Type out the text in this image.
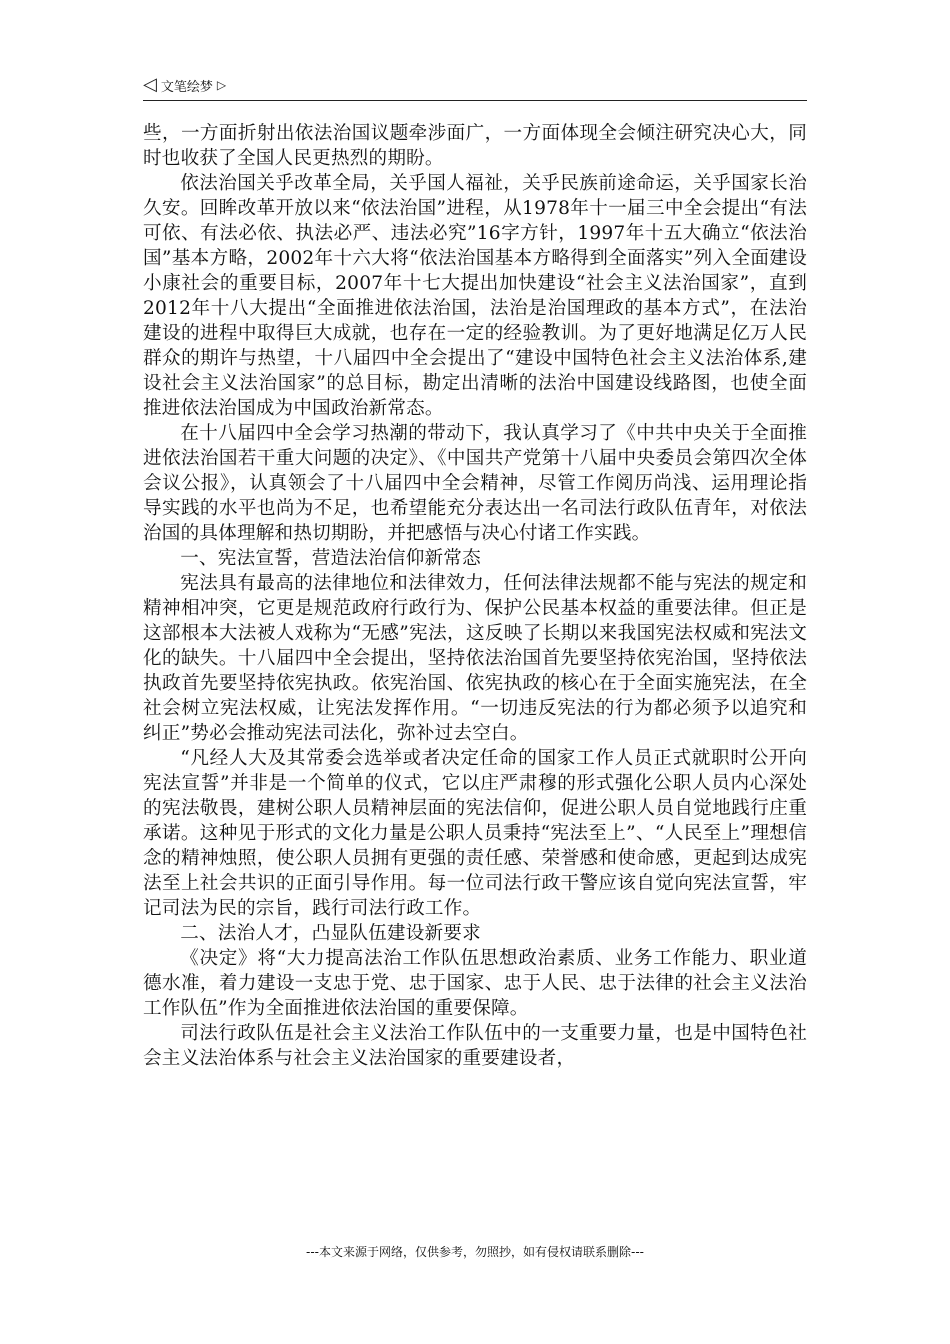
◁ 文笔绘梦 ▷

些，一方面折射出依法治国议题牵涉面广，一方面体现全会倾注研究决心大，同时也收获了全国人民更热烈的期盼。

依法治国关乎改革全局，关乎国人福祉，关乎民族前途命运，关乎国家长治久安。回眸改革开放以来“依法治国”进程，从1978年十一届三中全会提出“有法可依、有法必依、执法必严、违法必究”16字方针，1997年十五大确立“依法治国”基本方略，2002年十六大将“依法治国基本方略得到全面落实”列入全面建设小康社会的重要目标，2007年十七大提出加快建设“社会主义法治国家”，直到2012年十八大提出“全面推进依法治国，法治是治国理政的基本方式”，在法治建设的进程中取得巨大成就，也存在一定的经验教训。为了更好地满足亿万人民群众的期许与热望，十八届四中全会提出了“建设中国特色社会主义法治体系,建设社会主义法治国家”的总目标，勘定出清晰的法治中国建设线路图，也使全面推进依法治国成为中国政治新常态。

在十八届四中全会学习热潮的带动下，我认真学习了《中共中央关于全面推进依法治国若干重大问题的决定》、《中国共产党第十八届中央委员会第四次全体会议公报》，认真领会了十八届四中全会精神，尽管工作阅历尚浅、运用理论指导实践的水平也尚为不足，也希望能充分表达出一名司法行政队伍青年，对依法治国的具体理解和热切期盼，并把感悟与决心付诸工作实践。

一、宪法宣誓，营造法治信仰新常态

宪法具有最高的法律地位和法律效力，任何法律法规都不能与宪法的规定和精神相冲突，它更是规范政府行政行为、保护公民基本权益的重要法律。但正是这部根本大法被人戏称为“无感”宪法，这反映了长期以来我国宪法权威和宪法文化的缺失。十八届四中全会提出，坚持依法治国首先要坚持依宪治国，坚持依法执政首先要坚持依宪执政。依宪治国、依宪执政的核心在于全面实施宪法，在全社会树立宪法权威，让宪法发挥作用。“一切违反宪法的行为都必须予以追究和纠正”势必会推动宪法司法化，弥补过去空白。

“凡经人大及其常委会选举或者决定任命的国家工作人员正式就职时公开向宪法宣誓”并非是一个简单的仪式，它以庄严肃穆的形式强化公职人员内心深处的宪法敬畏，建树公职人员精神层面的宪法信仰，促进公职人员自觉地践行庄重承诺。这种见于形式的文化力量是公职人员秉持“宪法至上”、“人民至上”理想信念的精神烛照，使公职人员拥有更强的责任感、荣誉感和使命感，更起到达成宪法至上社会共识的正面引导作用。每一位司法行政干警应该自觉向宪法宣誓，牢记司法为民的宗旨，践行司法行政工作。

二、法治人才，凸显队伍建设新要求

《决定》将“大力提高法治工作队伍思想政治素质、业务工作能力、职业道德水准，着力建设一支忠于党、忠于国家、忠于人民、忠于法律的社会主义法治工作队伍”作为全面推进依法治国的重要保障。

司法行政队伍是社会主义法治工作队伍中的一支重要力量，也是中国特色社会主义法治体系与社会主义法治国家的重要建设者，

---本文来源于网络，仅供参考，勿照抄，如有侵权请联系删除---
